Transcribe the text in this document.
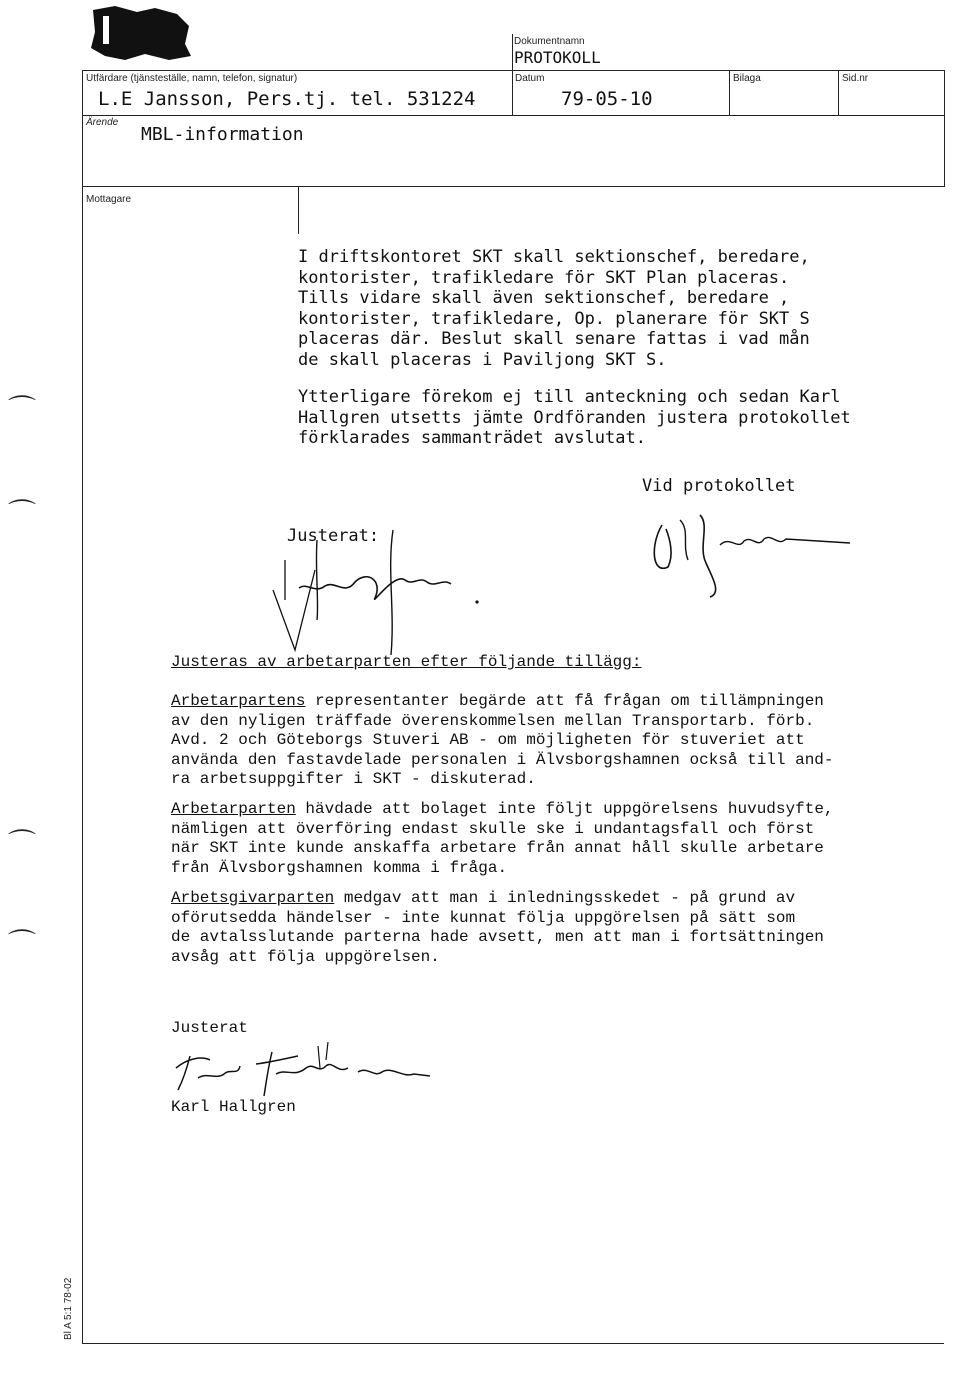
Dokumentnamn
PROTOKOLL
Utfärdare (tjänsteställe, namn, telefon, signatur)
L.E Jansson, Pers.tj. tel. 531224
Datum
79-05-10
Bilaga	Sid.nr
Ärende
MBL-information
Mottagare
I driftskontoret SKT skall sektionschef, beredare,
kontorister, trafikledare för SKT Plan placeras.
Tills vidare skall även sektionschef, beredare ,
kontorister, trafikledare, Op. planerare för SKT S
placeras där. Beslut skall senare fattas i vad mån
de skall placeras i Paviljong SKT S.
Ytterligare förekom ej till anteckning och sedan Karl
Hallgren utsetts jämte Ordföranden justera protokollet
förklarades sammanträdet avslutat.
Vid protokollet
Justerat:
Justeras av arbetarparten efter följande tillägg:
Arbetarpartens representanter begärde att få frågan om tillämpningen
av den nyligen träffade överenskommelsen mellan Transportarb. förb.
Avd. 2 och Göteborgs Stuveri AB - om möjligheten för stuveriet att
använda den fastavdelade personalen i Älvsborgshamnen också till and-
ra arbetsuppgifter i SKT - diskuterad.
Arbetarparten hävdade att bolaget inte följt uppgörelsens huvudsyfte,
nämligen att överföring endast skulle ske i undantagsfall och först
när SKT inte kunde anskaffa arbetare från annat håll skulle arbetare
från Älvsborgshamnen komma i fråga.
Arbetsgivarparten medgav att man i inledningsskedet - på grund av
oförutsedda händelser - inte kunnat följa uppgörelsen på sätt som
de avtalsslutande parterna hade avsett, men att man i fortsättningen
avsåg att följa uppgörelsen.
Justerat
Karl Hallgren
Bl A 5:1 78-02
⌒
⌒
⌒
⌒
